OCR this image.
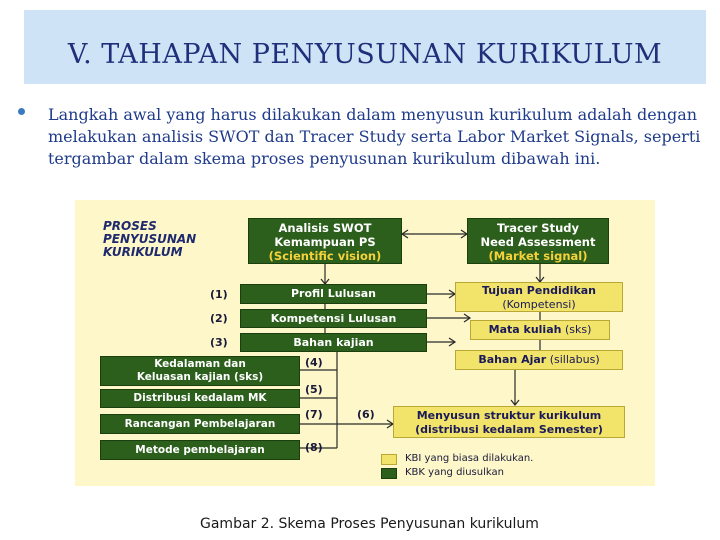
V. TAHAPAN PENYUSUNAN KURIKULUM
Langkah awal yang harus dilakukan dalam menyusun kurikulum adalah dengan melakukan analisis SWOT dan Tracer Study serta Labor Market Signals, seperti tergambar dalam skema proses penyusunan kurikulum dibawah ini.
PROSES
PENYUSUNAN
KURIKULUM
Analisis SWOT
Kemampuan PS
(Scientific vision)
Tracer Study
Need Assessment
(Market signal)
(1)
(2)
(3)
Profil Lulusan
Kompetensi Lulusan
Bahan kajian
Tujuan Pendidikan
(Kompetensi)
Mata kuliah (sks)
Bahan Ajar (sillabus)
Kedalaman dan
Keluasan kajian (sks)
Distribusi kedalam MK
Rancangan Pembelajaran
Metode pembelajaran
(4)
(5)
(7)	(6)
(8)
Menyusun struktur kurikulum
(distribusi kedalam Semester)
KBI yang biasa dilakukan.
KBK yang diusulkan
Gambar 2. Skema Proses Penyusunan kurikulum
